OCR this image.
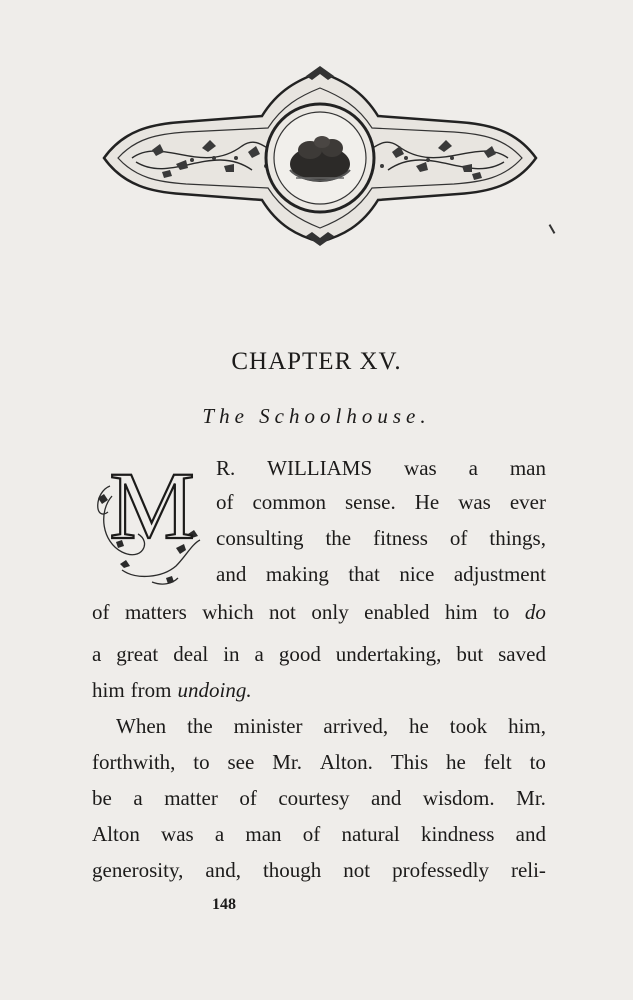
CHAPTER XV.
The Schoolhouse.
M R. WILLIAMS was a man
of common sense. He was ever
consulting the fitness of things,
and making that nice adjustment
of matters which not only enabled him to do
a great deal in a good undertaking, but saved
him from undoing.
When the minister arrived, he took him,
forthwith, to see Mr. Alton. This he felt to
be a matter of courtesy and wisdom. Mr.
Alton was a man of natural kindness and
generosity, and, though not professedly reli-
148
